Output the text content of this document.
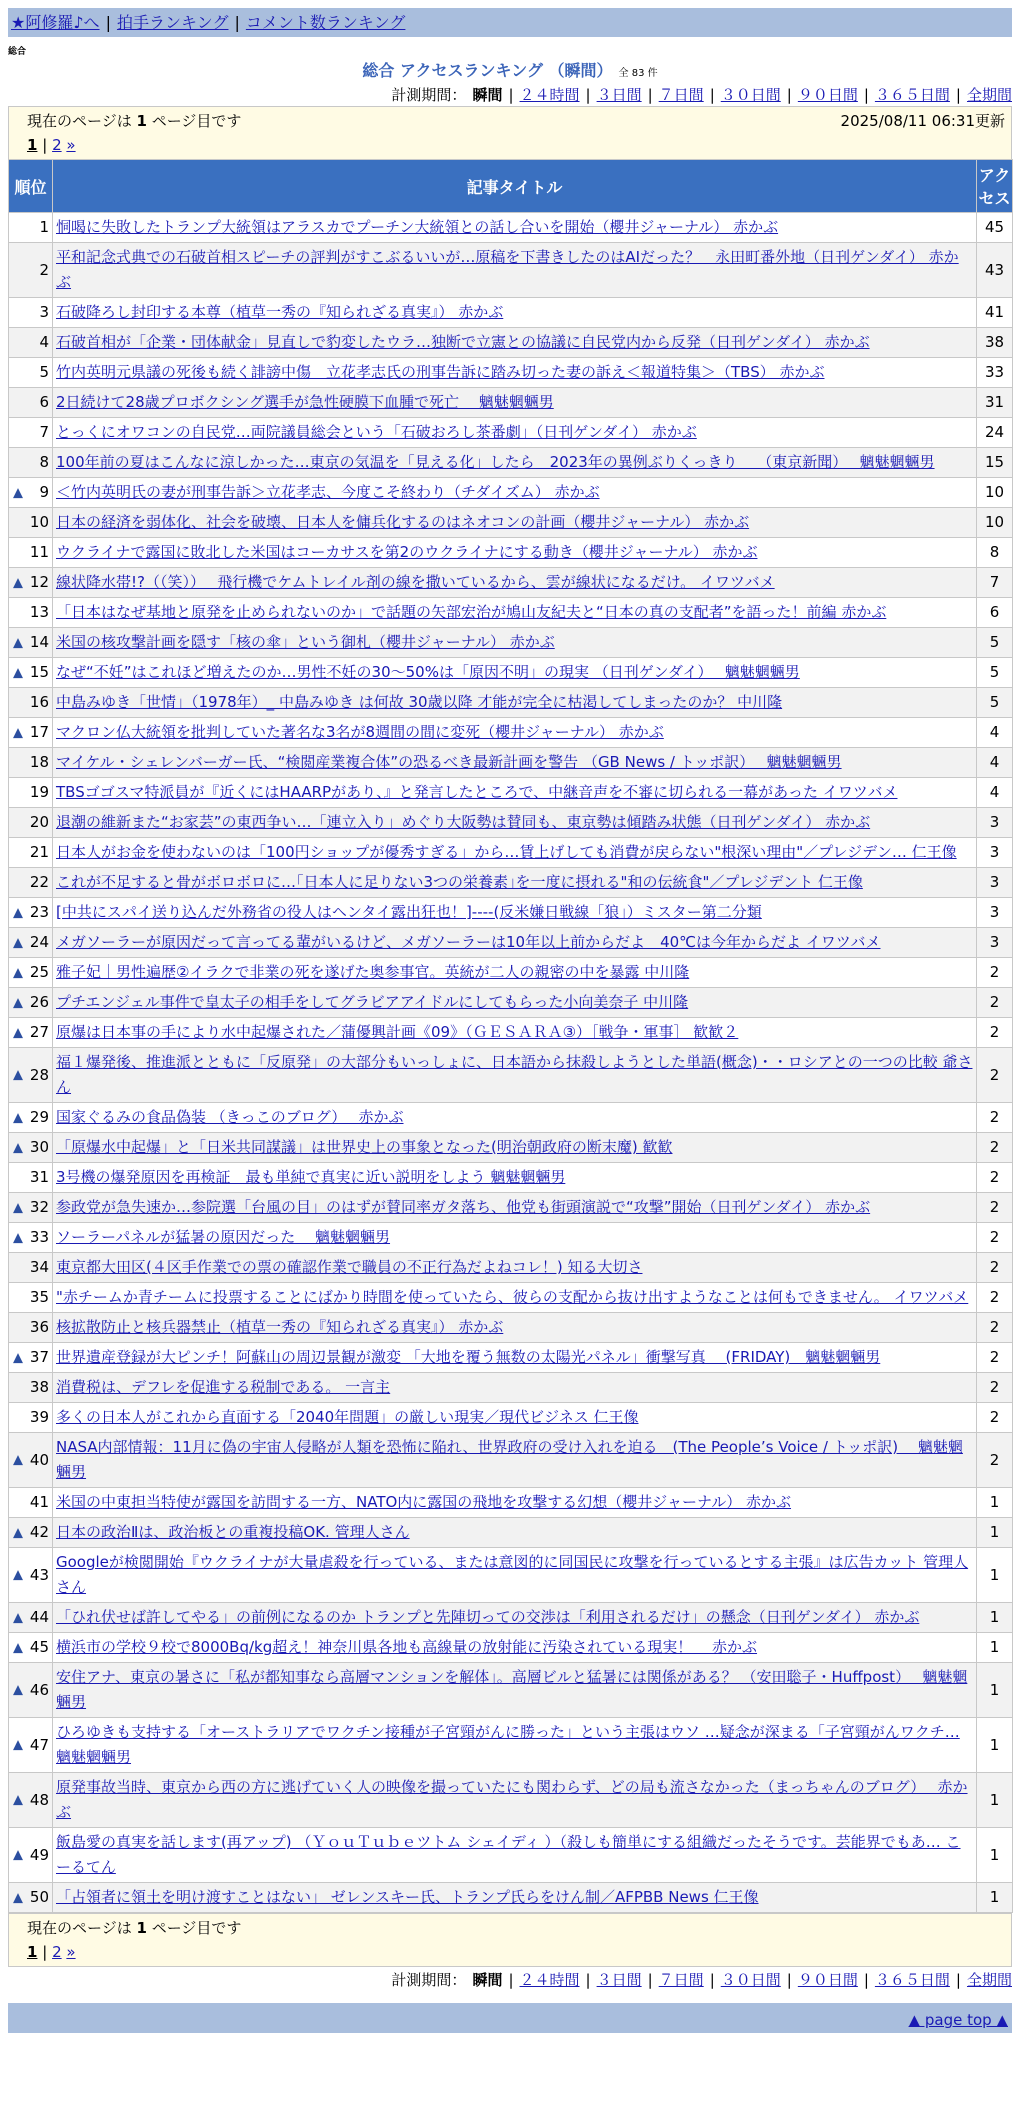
★阿修羅♪へ | 拍手ランキング | コメント数ランキング
総合
総合 アクセスランキング （瞬間） 全 83 件
計測期間： 瞬間 | ２４時間 | ３日間 | ７日間 | ３０日間 | ９０日間 | ３６５日間 | 全期間
現在のページは 1 ページ目です	2025/08/11 06:31更新
1 | 2 »
順位	記事タイトル	アクセス
1	恫喝に失敗したトランプ大統領はアラスカでプーチン大統領との話し合いを開始（櫻井ジャーナル） 赤かぶ	45
2	平和記念式典での石破首相スピーチの評判がすこぶるいいが…原稿を下書きしたのはAIだった？　永田町番外地（日刊ゲンダイ） 赤かぶ	43
3	石破降ろし封印する本尊（植草一秀の『知られざる真実』） 赤かぶ	41
4	石破首相が「企業・団体献金」見直しで豹変したウラ…独断で立憲との協議に自民党内から反発（日刊ゲンダイ） 赤かぶ	38
5	竹内英明元県議の死後も続く誹謗中傷　立花孝志氏の刑事告訴に踏み切った妻の訴え＜報道特集＞（TBS） 赤かぶ	33
6	2日続けて28歳プロボクシング選手が急性硬膜下血腫で死亡　 魑魅魍魎男	31
7	とっくにオワコンの自民党…両院議員総会という「石破おろし茶番劇」（日刊ゲンダイ） 赤かぶ	24
8	100年前の夏はこんなに涼しかった…東京の気温を「見える化」したら　2023年の異例ぶりくっきり　 （東京新聞）　 魑魅魍魎男	15

▲ 9	＜竹内英明氏の妻が刑事告訴＞立花孝志、今度こそ終わり（チダイズム） 赤かぶ	10
10	日本の経済を弱体化、社会を破壊、日本人を傭兵化するのはネオコンの計画（櫻井ジャーナル） 赤かぶ	10
11	ウクライナで露国に敗北した米国はコーカサスを第2のウクライナにする動き（櫻井ジャーナル） 赤かぶ	8

▲ 12	線状降水帯!?（（笑））　 飛行機でケムトレイル剤の線を撒いているから、雲が線状になるだけ。 イワツバメ	7
13	「日本はなぜ基地と原発を止められないのか」で話題の矢部宏治が鳩山友紀夫と“日本の真の支配者”を語った！前編 赤かぶ	6

▲ 14	米国の核攻撃計画を隠す「核の傘」という御札（櫻井ジャーナル） 赤かぶ	5

▲ 15	なぜ“不妊”はこれほど増えたのか…男性不妊の30～50%は「原因不明」の現実 （日刊ゲンダイ）　 魑魅魍魎男	5
16	中島みゆき「世情」（1978年）_ 中島みゆき は何故 30歳以降 才能が完全に枯渇してしまったのか？ 中川隆	5

▲ 17	マクロン仏大統領を批判していた著名な3名が8週間の間に変死（櫻井ジャーナル） 赤かぶ	4
18	マイケル・シェレンバーガー氏、“検閲産業複合体”の恐るべき最新計画を警告 （GB News / トッポ訳）　 魑魅魍魎男	4
19	TBSゴゴスマ特派員が『近くにはHAARPがあり、』と発言したところで、中継音声を不審に切られる一幕があった イワツバメ	4
20	退潮の維新また“お家芸”の東西争い…「連立入り」めぐり大阪勢は賛同も、東京勢は傾踏み状態（日刊ゲンダイ） 赤かぶ	3
21	日本人がお金を使わないのは「100円ショップが優秀すぎる」から…賃上げしても消費が戻らない"根深い理由"／プレジデン… 仁王像	3
22	これが不足すると骨がボロボロに…｢日本人に足りない3つの栄養素｣を一度に摂れる"和の伝統食"／プレジデント 仁王像	3

▲ 23	[中共にスパイ送り込んだ外務省の役人はヘンタイ露出狂也！]----(反米嫌日戦線「狼」）ミスター第二分類	3

▲ 24	メガソーラーが原因だって言ってる輩がいるけど、メガソーラーは10年以上前からだよ　40℃は今年からだよ イワツバメ	3

▲ 25	雅子妃｜男性遍歴②イラクで非業の死を遂げた奥参事官。英統が二人の親密の中を暴露 中川隆	2

▲ 26	プチエンジェル事件で皇太子の相手をしてグラビアアイドルにしてもらった小向美奈子 中川隆	2

▲ 27	原爆は日本事の手により水中起爆された／蒲優興計画《09》（ＧＥＳＡＲＡ③）［戦争・軍事］ 歓歓２	2

▲ 28	福１爆発後、推進派とともに「反原発」の大部分もいっしょに、日本語から抹殺しようとした単語(概念)・・ロシアとの一つの比較 爺さん	2

▲ 29	国家ぐるみの食品偽装 （きっこのブログ）　 赤かぶ	2

▲ 30	「原爆水中起爆」と「日米共同謀議」は世界史上の事象となった(明治朝政府の断末魔) 歓歓	2
31	3号機の爆発原因を再検証　最も単純で真実に近い説明をしよう 魑魅魍魎男	2

▲ 32	参政党が急失速か…参院選「台風の目」のはずが賛同率ガタ落ち、他党も街頭演説で“攻撃”開始（日刊ゲンダイ） 赤かぶ	2

▲ 33	ソーラーパネルが猛暑の原因だった　 魑魅魍魎男	2
34	東京都大田区(４区手作業での票の確認作業で職員の不正行為だよねコレ！) 知る大切さ	2
35	"赤チームか青チームに投票することにばかり時間を使っていたら、彼らの支配から抜け出すようなことは何もできません。 イワツバメ	2
36	核拡散防止と核兵器禁止（植草一秀の『知られざる真実』） 赤かぶ	2

▲ 37	世界遺産登録が大ピンチ！阿蘇山の周辺景観が激変 「大地を覆う無数の太陽光パネル」衝撃写真　 (FRIDAY)　魑魅魍魎男	2
38	消費税は、デフレを促進する税制である。 一言主	2
39	多くの日本人がこれから直面する「2040年問題」の厳しい現実／現代ビジネス 仁王像	2

▲ 40	NASA内部情報：11月に偽の宇宙人侵略が人類を恐怖に陥れ、世界政府の受け入れを迫る　(The People’s Voice / トッポ訳)　 魑魅魍魎男	2
41	米国の中東担当特使が露国を訪問する一方、NATO内に露国の飛地を攻撃する幻想（櫻井ジャーナル） 赤かぶ	1

▲ 42	日本の政治Ⅱは、政治板との重複投稿OK. 管理人さん	1

▲ 43	Googleが検閲開始『ウクライナが大量虐殺を行っている、または意図的に同国民に攻撃を行っているとする主張』は広告カット 管理人さん	1

▲ 44	「ひれ伏せば許してやる」の前例になるのか トランプと先陣切っての交渉は「利用されるだけ」の懸念（日刊ゲンダイ） 赤かぶ	1

▲ 45	横浜市の学校９校で8000Bq/kg超え！神奈川県各地も高線量の放射能に汚染されている現実！　 赤かぶ	1

▲ 46	安住アナ、東京の暑さに「私が都知事なら高層マンションを解体」。高層ビルと猛暑には関係がある？ （安田聡子・Huffpost）　 魑魅魍魎男	1

▲ 47	ひろゆきも支持する「オーストラリアでワクチン接種が子宮頸がんに勝った」という主張はウソ …疑念が深まる「子宮頸がんワクチ… 魑魅魍魎男	1

▲ 48	原発事故当時、東京から西の方に逃げていく人の映像を撮っていたにも関わらず、どの局も流さなかった（まっちゃんのブログ）　 赤かぶ	1

▲ 49	飯島愛の真実を話します(再アップ) （ＹｏｕＴｕｂｅツトム シェイディ ）（殺しも簡単にする組織だったそうです。芸能界でもあ… こーるてん	1

▲ 50	「占領者に領土を明け渡すことはない」 ゼレンスキー氏、トランプ氏らをけん制／AFPBB News 仁王像	1
現在のページは 1 ページ目です
1 | 2 »
計測期間： 瞬間 | ２４時間 | ３日間 | ７日間 | ３０日間 | ９０日間 | ３６５日間 | 全期間
▲ page top ▲
